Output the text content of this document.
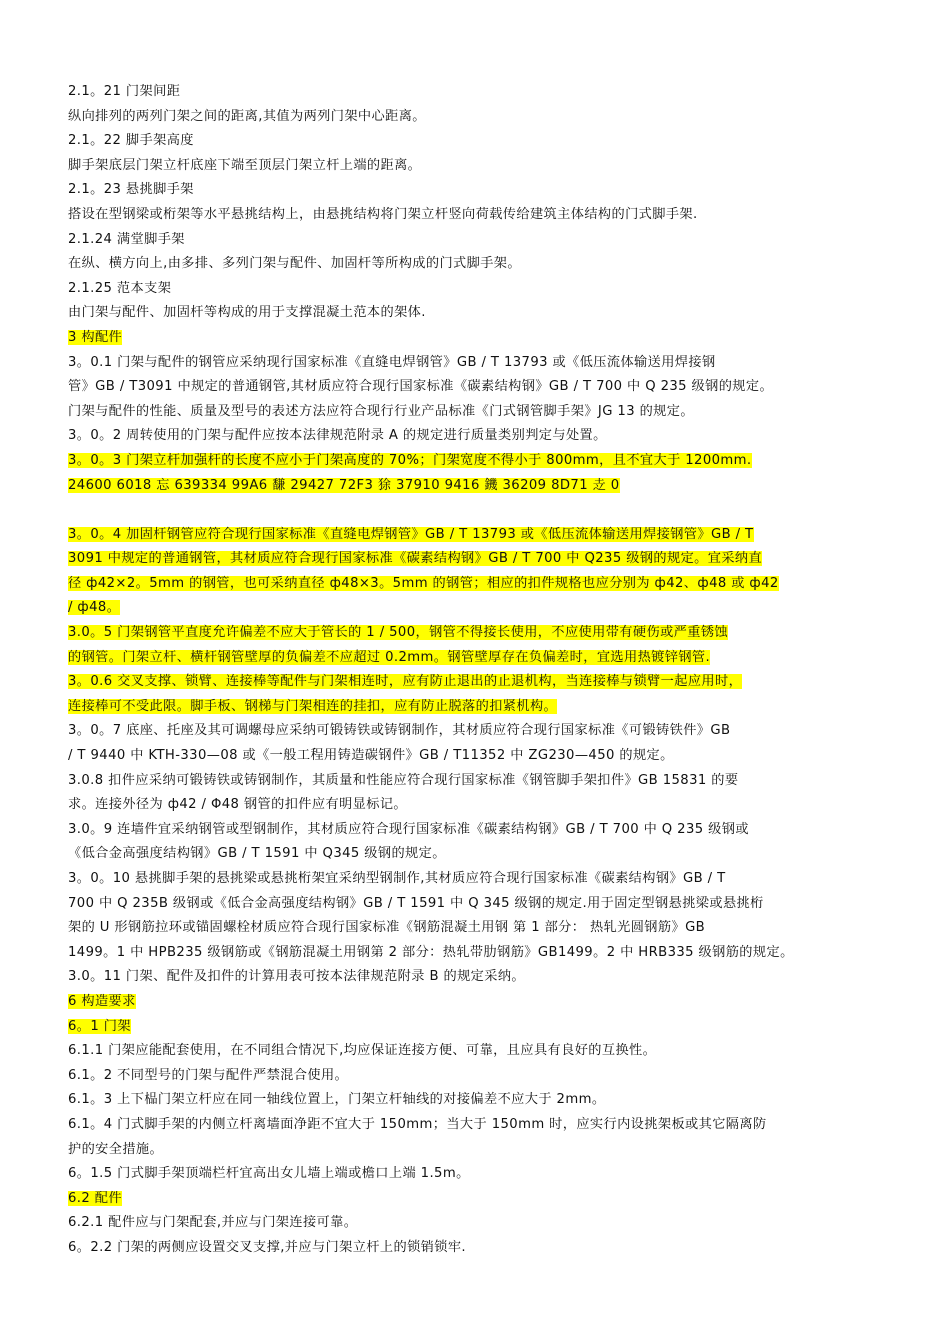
2.1。21 门架间距
纵向排列的两列门架之间的距离,其值为两列门架中心距离。
2.1。22 脚手架高度
脚手架底层门架立杆底座下端至顶层门架立杆上端的距离。
2.1。23 悬挑脚手架
搭设在型钢梁或桁架等水平悬挑结构上，由悬挑结构将门架立杆竖向荷载传给建筑主体结构的门式脚手架.
2.1.24 满堂脚手架
在纵、横方向上,由多排、多列门架与配件、加固杆等所构成的门式脚手架。
2.1.25 范本支架
由门架与配件、加固杆等构成的用于支撑混凝土范本的架体.
3 构配件
3。0.1 门架与配件的钢管应采纳现行国家标准《直缝电焊钢管》GB / T 13793 或《低压流体输送用焊接钢
管》GB / T3091 中规定的普通钢管,其材质应符合现行国家标准《碳素结构钢》GB / T 700 中 Q 235 级钢的规定。
门架与配件的性能、质量及型号的表述方法应符合现行行业产品标准《门式钢管脚手架》JG 13 的规定。
3。0。2 周转使用的门架与配件应按本法律规范附录 A 的规定进行质量类别判定与处置。
3。0。3 门架立杆加强杆的长度不应小于门架高度的 70%；门架宽度不得小于 800mm，且不宜大于 1200mm.
24600 6018 忘 639334 99A6 馦 29427 72F3 狳 37910 9416 鐖 36209 8D71 赱 0
3。0。4 加固杆钢管应符合现行国家标准《直缝电焊钢管》GB / T 13793 或《低压流体输送用焊接钢管》GB / T
3091 中规定的普通钢管，其材质应符合现行国家标准《碳素结构钢》GB / T 700 中 Q235 级钢的规定。宜采纳直
径 ф42×2。5mm 的钢管，也可采纳直径 ф48×3。5mm 的钢管；相应的扣件规格也应分别为 ф42、ф48 或 ф42
/ ф48。
3.0。5 门架钢管平直度允许偏差不应大于管长的 1 / 500，钢管不得接长使用，不应使用带有硬伤或严重锈蚀
的钢管。门架立杆、横杆钢管壁厚的负偏差不应超过 0.2mm。钢管壁厚存在负偏差时，宜选用热镀锌钢管.
3。0.6 交叉支撑、锁臂、连接棒等配件与门架相连时，应有防止退出的止退机构，当连接棒与锁臂一起应用时，
连接棒可不受此限。脚手板、钢梯与门架相连的挂扣，应有防止脱落的扣紧机构。
3。0。7 底座、托座及其可调螺母应采纳可锻铸铁或铸钢制作，其材质应符合现行国家标准《可锻铸铁件》GB
/ T 9440 中 KTH-330—08 或《一般工程用铸造碳钢件》GB / T11352 中 ZG230—450 的规定。
3.0.8 扣件应采纳可锻铸铁或铸钢制作，其质量和性能应符合现行国家标准《钢管脚手架扣件》GB 15831 的要
求。连接外径为 ф42 / Φ48 钢管的扣件应有明显标记。
3.0。9 连墙件宜采纳钢管或型钢制作，其材质应符合现行国家标准《碳素结构钢》GB / T 700 中 Q 235 级钢或
《低合金高强度结构钢》GB / T 1591 中 Q345 级钢的规定。
3。0。10 悬挑脚手架的悬挑梁或悬挑桁架宜采纳型钢制作,其材质应符合现行国家标准《碳素结构钢》GB / T
700 中 Q 235B 级钢或《低合金高强度结构钢》GB / T 1591 中 Q 345 级钢的规定.用于固定型钢悬挑梁或悬挑桁
架的 U 形钢筋拉环或锚固螺栓材质应符合现行国家标准《钢筋混凝土用钢 第 1 部分： 热轧光圆钢筋》GB
1499。1 中 HPB235 级钢筋或《钢筋混凝土用钢第 2 部分：热轧带肋钢筋》GB1499。2 中 HRB335 级钢筋的规定。
3.0。11 门架、配件及扣件的计算用表可按本法律规范附录 B 的规定采纳。
6 构造要求
6。1 门架
6.1.1 门架应能配套使用，在不同组合情况下,均应保证连接方便、可靠，且应具有良好的互换性。
6.1。2 不同型号的门架与配件严禁混合使用。
6.1。3 上下榀门架立杆应在同一轴线位置上，门架立杆轴线的对接偏差不应大于 2mm。
6.1。4 门式脚手架的内侧立杆离墙面净距不宜大于 150mm；当大于 150mm 时，应实行内设挑架板或其它隔离防
护的安全措施。
6。1.5 门式脚手架顶端栏杆宜高出女儿墙上端或檐口上端 1.5m。
6.2 配件
6.2.1 配件应与门架配套,并应与门架连接可靠。
6。2.2 门架的两侧应设置交叉支撑,并应与门架立杆上的锁销锁牢.
